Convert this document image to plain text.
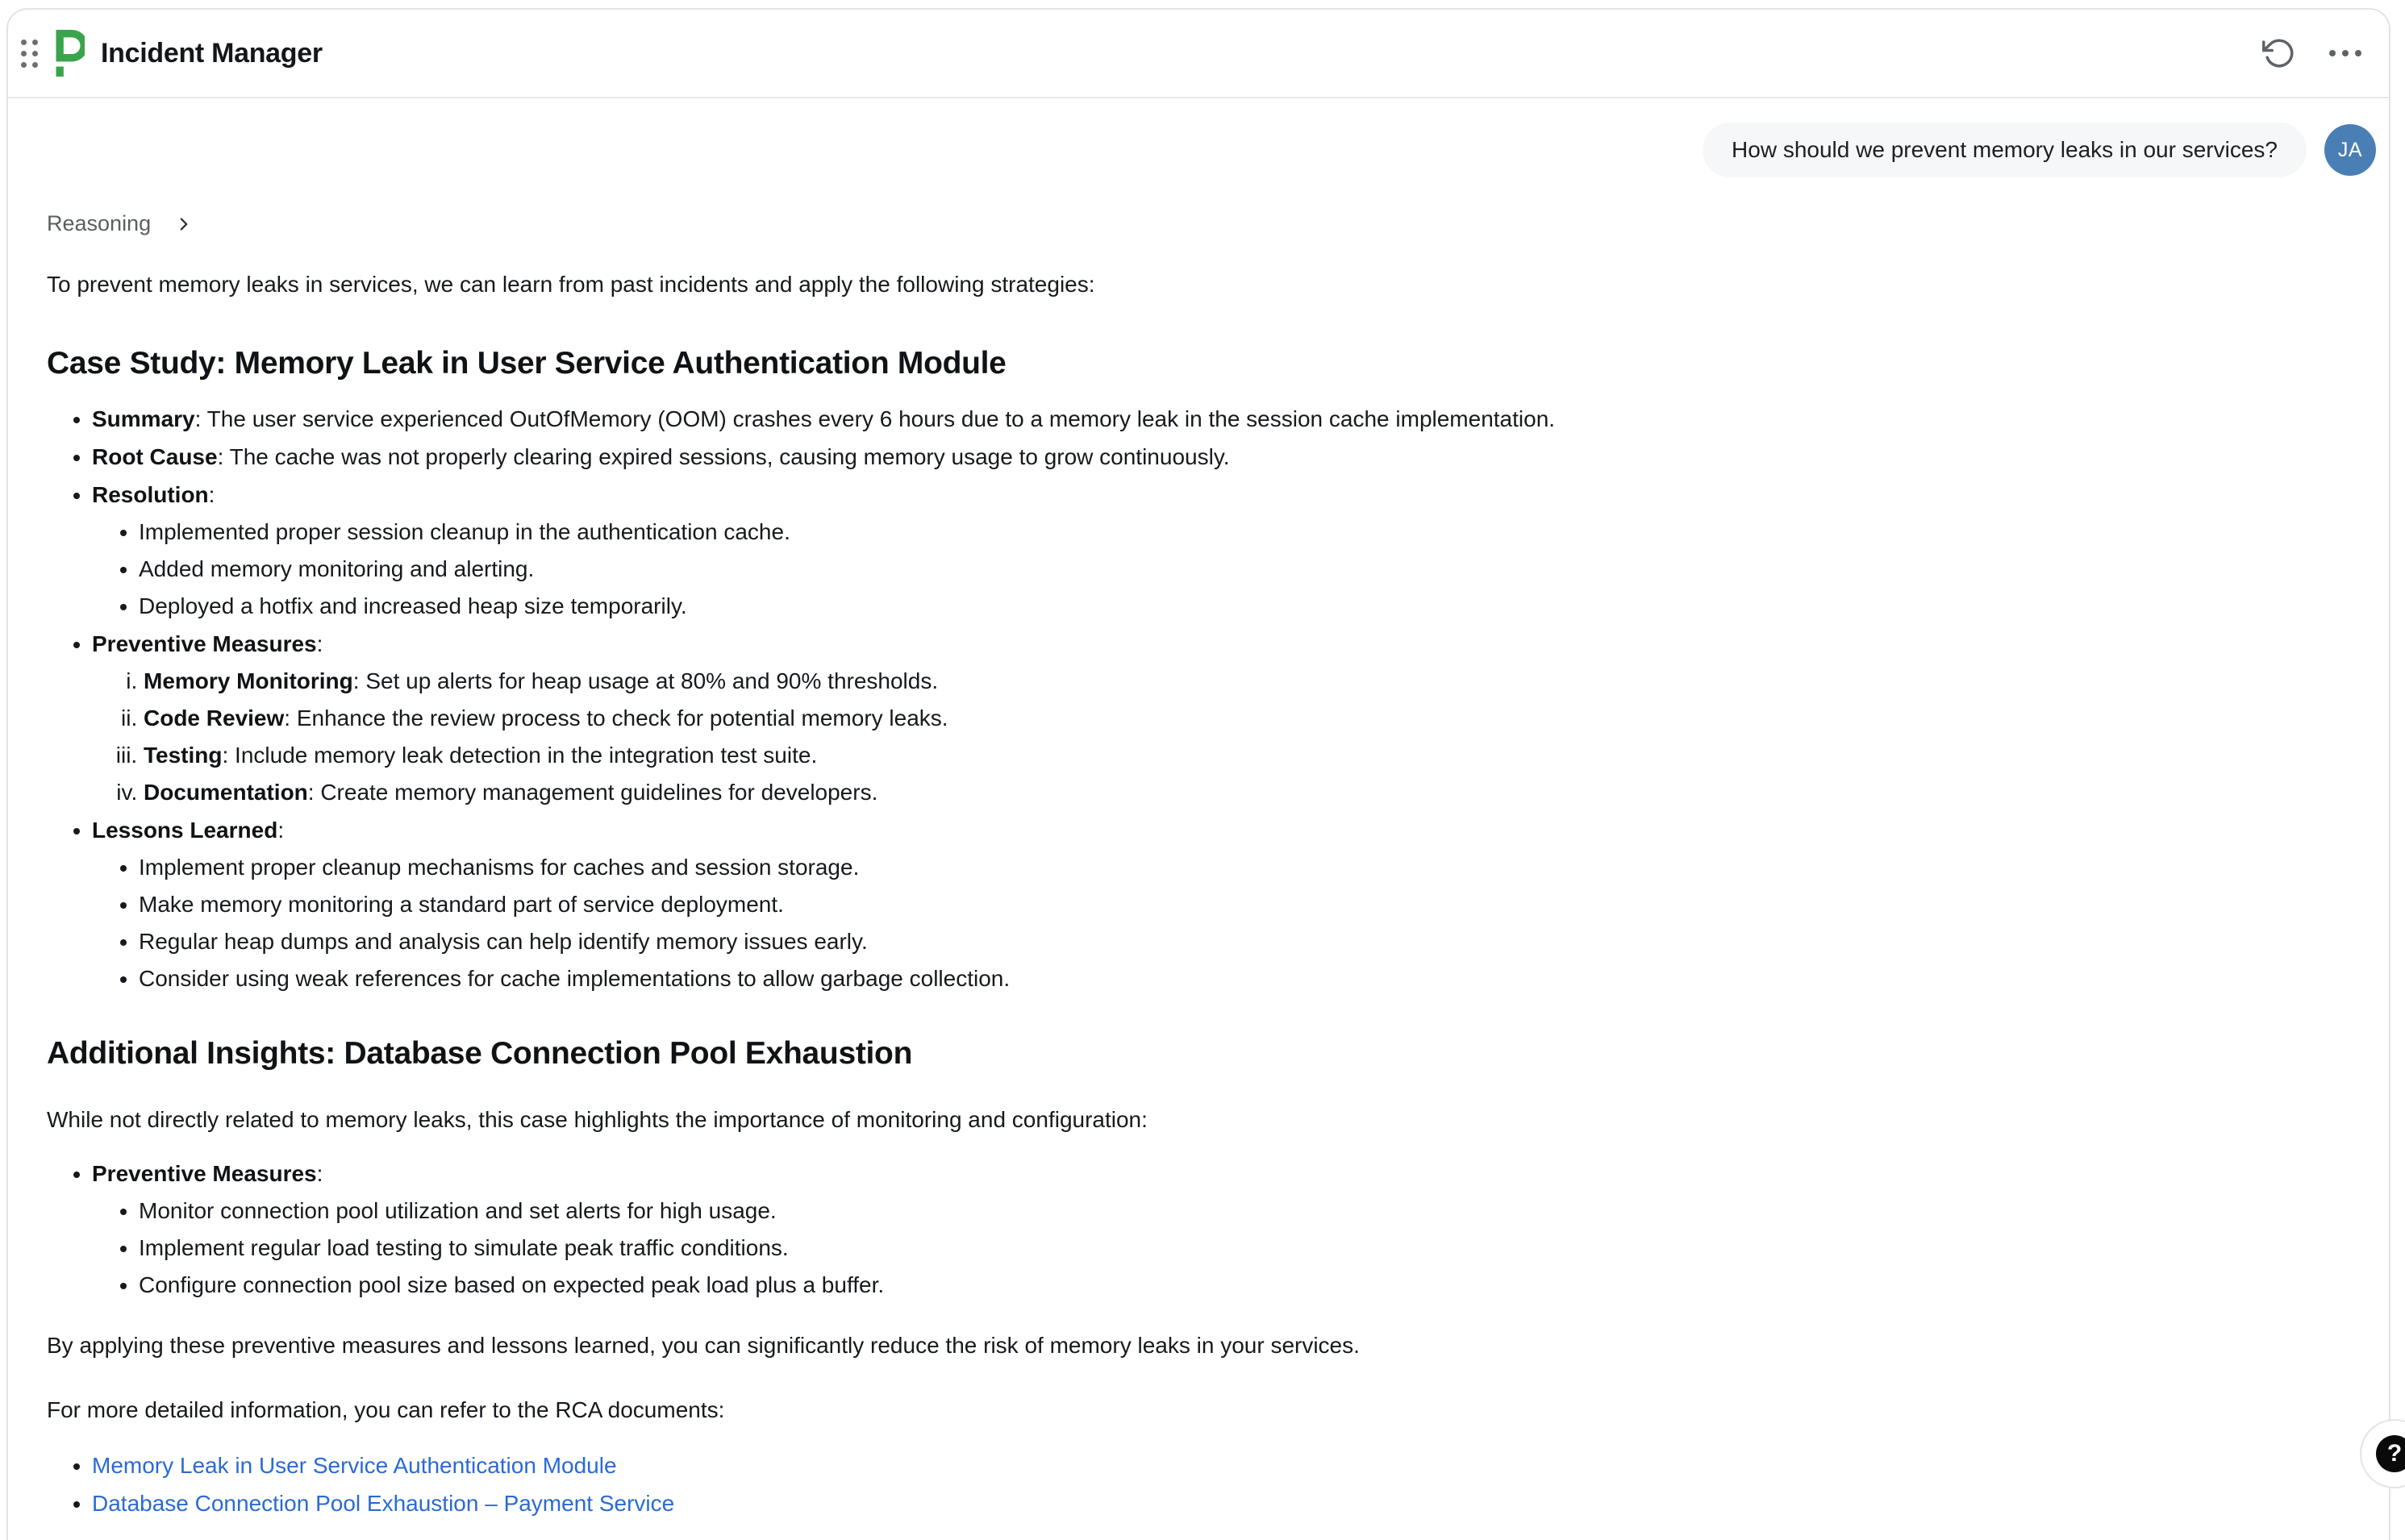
Incident Manager
How should we prevent memory leaks in our services?	JA
Reasoning

To prevent memory leaks in services, we can learn from past incidents and apply the following strategies:

Case Study: Memory Leak in User Service Authentication Module
• Summary: The user service experienced OutOfMemory (OOM) crashes every 6 hours due to a memory leak in the session cache implementation.
• Root Cause: The cache was not properly clearing expired sessions, causing memory usage to grow continuously.
• Resolution:
• Implemented proper session cleanup in the authentication cache.
• Added memory monitoring and alerting.
• Deployed a hotfix and increased heap size temporarily.
• Preventive Measures:
i. Memory Monitoring: Set up alerts for heap usage at 80% and 90% thresholds.
ii. Code Review: Enhance the review process to check for potential memory leaks.
iii. Testing: Include memory leak detection in the integration test suite.
iv. Documentation: Create memory management guidelines for developers.
• Lessons Learned:
• Implement proper cleanup mechanisms for caches and session storage.
• Make memory monitoring a standard part of service deployment.
• Regular heap dumps and analysis can help identify memory issues early.
• Consider using weak references for cache implementations to allow garbage collection.
Additional Insights: Database Connection Pool Exhaustion

While not directly related to memory leaks, this case highlights the importance of monitoring and configuration:

• Preventive Measures:
• Monitor connection pool utilization and set alerts for high usage.
• Implement regular load testing to simulate peak traffic conditions.
• Configure connection pool size based on expected peak load plus a buffer.

By applying these preventive measures and lessons learned, you can significantly reduce the risk of memory leaks in your services.

For more detailed information, you can refer to the RCA documents:

• Memory Leak in User Service Authentication Module
• Database Connection Pool Exhaustion – Payment Service
?
